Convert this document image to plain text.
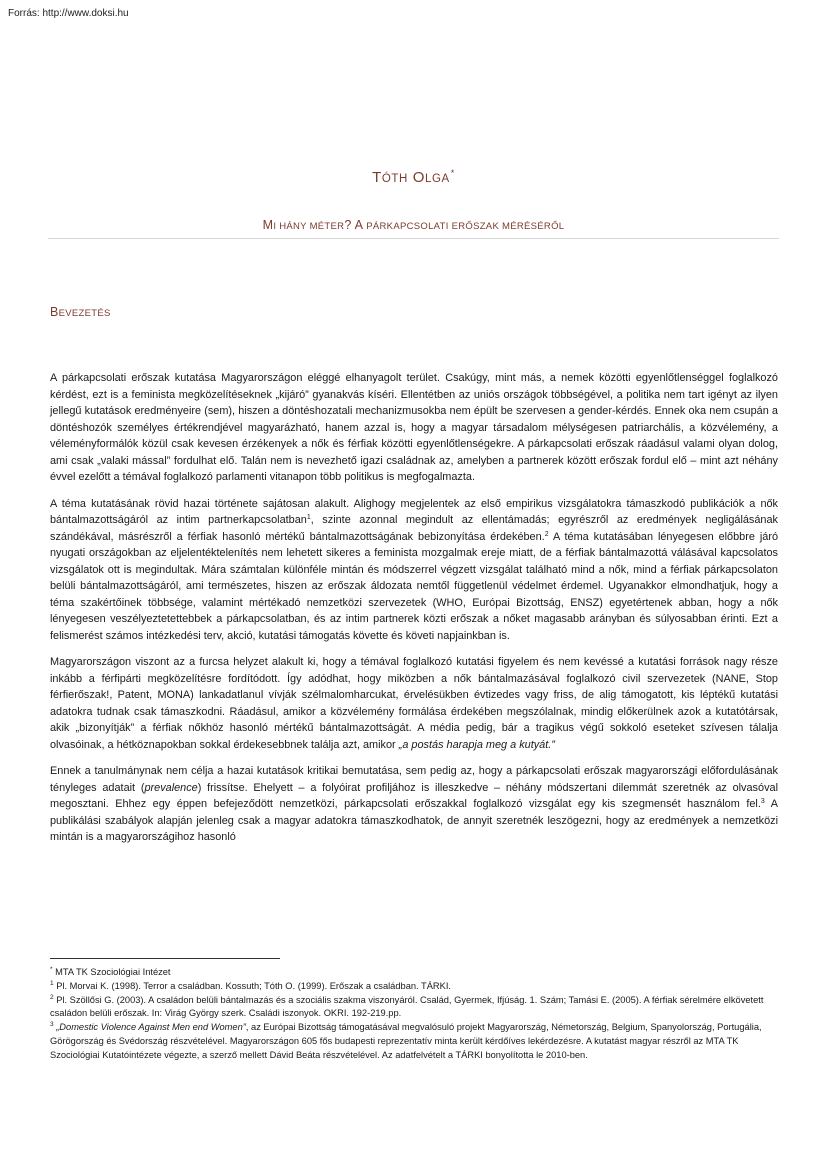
Forrás: http://www.doksi.hu
TÓTH OLGA*
MI HÁNY MÉTER? A PÁRKAPCSOLATI ERŐSZAK MÉRÉSÉRŐL
BEVEZETÉS

A párkapcsolati erőszak kutatása Magyarországon eléggé elhanyagolt terület. Csakúgy, mint más, a nemek közötti egyenlőtlenséggel foglalkozó kérdést, ezt is a feminista megközelítéseknek „kijáró” gyanakvás kíséri. Ellentétben az uniós országok többségével, a politika nem tart igényt az ilyen jellegű kutatások eredményeire (sem), hiszen a döntéshozatali mechanizmusokba nem épült be szervesen a gender-kérdés. Ennek oka nem csupán a döntéshozók személyes értékrendjével magyarázható, hanem azzal is, hogy a magyar társadalom mélységesen patriarchális, a közvélemény, a véleményformálók közül csak kevesen érzékenyek a nők és férfiak közötti egyenlőtlenségekre. A párkapcsolati erőszak ráadásul valami olyan dolog, ami csak „valaki mással” fordulhat elő. Talán nem is nevezhető igazi családnak az, amelyben a partnerek között erőszak fordul elő – mint azt néhány évvel ezelőtt a témával foglalkozó parlamenti vitanapon több politikus is megfogalmazta.

A téma kutatásának rövid hazai története sajátosan alakult. Alighogy megjelentek az első empirikus vizsgálatokra támaszkodó publikációk a nők bántalmazottságáról az intim partnerkapcsolatban$^1$, szinte azonnal megindult az ellentámadás; egyrészről az eredmények negligálásának szándékával, másrészről a férfiak hasonló mértékű bántalmazottságának bebizonyítása érdekében.$^2$ A téma kutatásában lényegesen előbbre járó nyugati országokban az eljelentéktelenítés nem lehetett sikeres a feminista mozgalmak ereje miatt, de a férfiak bántalmazottá válásával kapcsolatos vizsgálatok ott is megindultak. Mára számtalan különféle mintán és módszerrel végzett vizsgálat található mind a nők, mind a férfiak párkapcsolaton belüli bántalmazottságáról, ami természetes, hiszen az erőszak áldozata nemtől függetlenül védelmet érdemel. Ugyanakkor elmondhatjuk, hogy a téma szakértőinek többsége, valamint mértékadó nemzetközi szervezetek (WHO, Európai Bizottság, ENSZ) egyetértenek abban, hogy a nők lényegesen veszélyeztetettebbek a párkapcsolatban, és az intim partnerek közti erőszak a nőket magasabb arányban és súlyosabban érinti. Ezt a felismerést számos intézkedési terv, akció, kutatási támogatás követte és követi napjainkban is.

Magyarországon viszont az a furcsa helyzet alakult ki, hogy a témával foglalkozó kutatási figyelem és nem kevéssé a kutatási források nagy része inkább a férfipárti megközelítésre fordítódott. Így adódhat, hogy miközben a nők bántalmazásával foglalkozó civil szervezetek (NANE, Stop férfierőszak!, Patent, MONA) lankadatlanul vívják szélmalomharcukat, érvelésükben évtizedes vagy friss, de alig támogatott, kis léptékű kutatási adatokra tudnak csak támaszkodni. Ráadásul, amikor a közvélemény formálása érdekében megszólalnak, mindig előkerülnek azok a kutatótársak, akik „bizonyítják” a férfiak nőkhöz hasonló mértékű bántalmazottságát. A média pedig, bár a tragikus végű sokkoló eseteket szívesen tálalja olvasóinak, a hétköznapokban sokkal érdekesebbnek találja azt, amikor „a postás harapja meg a kutyát.”

Ennek a tanulmánynak nem célja a hazai kutatások kritikai bemutatása, sem pedig az, hogy a párkapcsolati erőszak magyarországi előfordulásának tényleges adatait (prevalence) frissítse. Ehelyett – a folyóirat profiljához is illeszkedve – néhány módszertani dilemmát szeretnék az olvasóval megosztani. Ehhez egy éppen befejeződött nemzetközi, párkapcsolati erőszakkal foglalkozó vizsgálat egy kis szegmensét használom fel.$^3$ A publikálási szabályok alapján jelenleg csak a magyar adatokra támaszkodhatok, de annyit szeretnék leszögezni, hogy az eredmények a nemzetközi mintán is a magyarországihoz hasonló

* MTA TK Szociológiai Intézet
$^1$ Pl. Morvai K. (1998). Terror a családban. Kossuth; Tóth O. (1999). Erőszak a családban. TÁRKI.
$^2$ Pl. Szöllősi G. (2003). A családon belüli bántalmazás és a szociális szakma viszonyáról. Család, Gyermek, Ifjúság. 1. Szám; Tamási E. (2005). A férfiak sérelmére elkövetett családon belüli erőszak. In: Virág György szerk. Családi iszonyok. OKRI. 192-219.pp.
$^3$ „Domestic Violence Against Men end Women”, az Európai Bizottság támogatásával megvalósuló projekt Magyarország, Németország, Belgium, Spanyolország, Portugália, Görögország és Svédország részvételével. Magyarországon 605 fős budapesti reprezentatív minta került kérdőíves lekérdezésre. A kutatást magyar részről az MTA TK Szociológiai Kutatóintézete végezte, a szerző mellett Dávid Beáta részvételével. Az adatfelvételt a TÁRKI bonyolította le 2010-ben.
